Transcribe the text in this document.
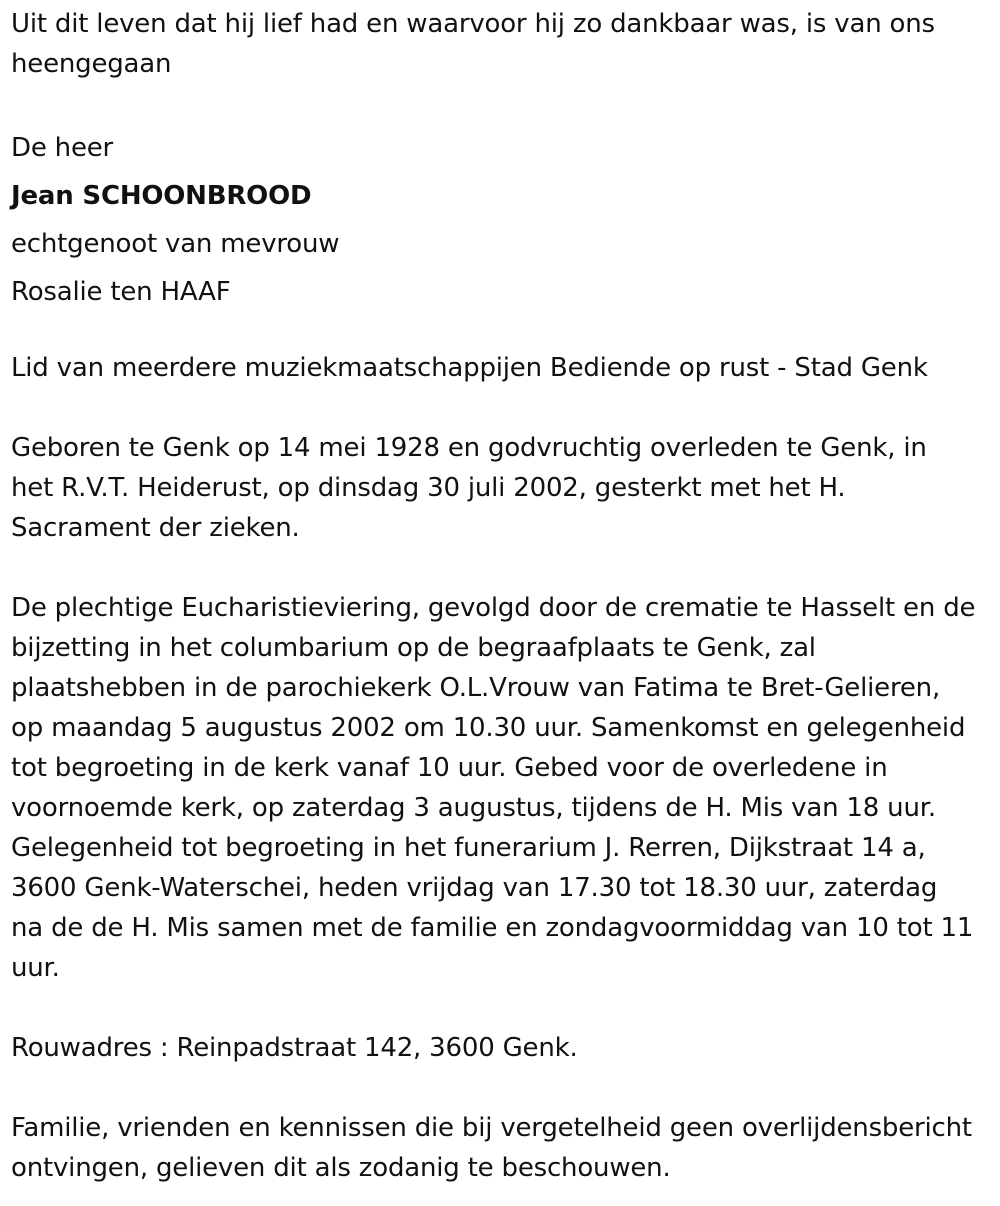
Uit dit leven dat hij lief had en waarvoor hij zo dankbaar was, is van ons heengegaan

De heer

Jean SCHOONBROOD

echtgenoot van mevrouw

Rosalie ten HAAF

Lid van meerdere muziekmaatschappijen Bediende op rust - Stad Genk

Geboren te Genk op 14 mei 1928 en godvruchtig overleden te Genk, in het R.V.T. Heiderust, op dinsdag 30 juli 2002, gesterkt met het H. Sacrament der zieken.

De plechtige Eucharistieviering, gevolgd door de crematie te Hasselt en de bijzetting in het columbarium op de begraafplaats te Genk, zal plaatshebben in de parochiekerk O.L.Vrouw van Fatima te Bret-Gelieren, op maandag 5 augustus 2002 om 10.30 uur. Samenkomst en gelegenheid tot begroeting in de kerk vanaf 10 uur. Gebed voor de overledene in voornoemde kerk, op zaterdag 3 augustus, tijdens de H. Mis van 18 uur. Gelegenheid tot begroeting in het funerarium J. Rerren, Dijkstraat 14 a, 3600 Genk-Waterschei, heden vrijdag van 17.30 tot 18.30 uur, zaterdag na de de H. Mis samen met de familie en zondagvoormiddag van 10 tot 11 uur.

Rouwadres : Reinpadstraat 142, 3600 Genk.

Familie, vrienden en kennissen die bij vergetelheid geen overlijdensbericht ontvingen, gelieven dit als zodanig te beschouwen.
